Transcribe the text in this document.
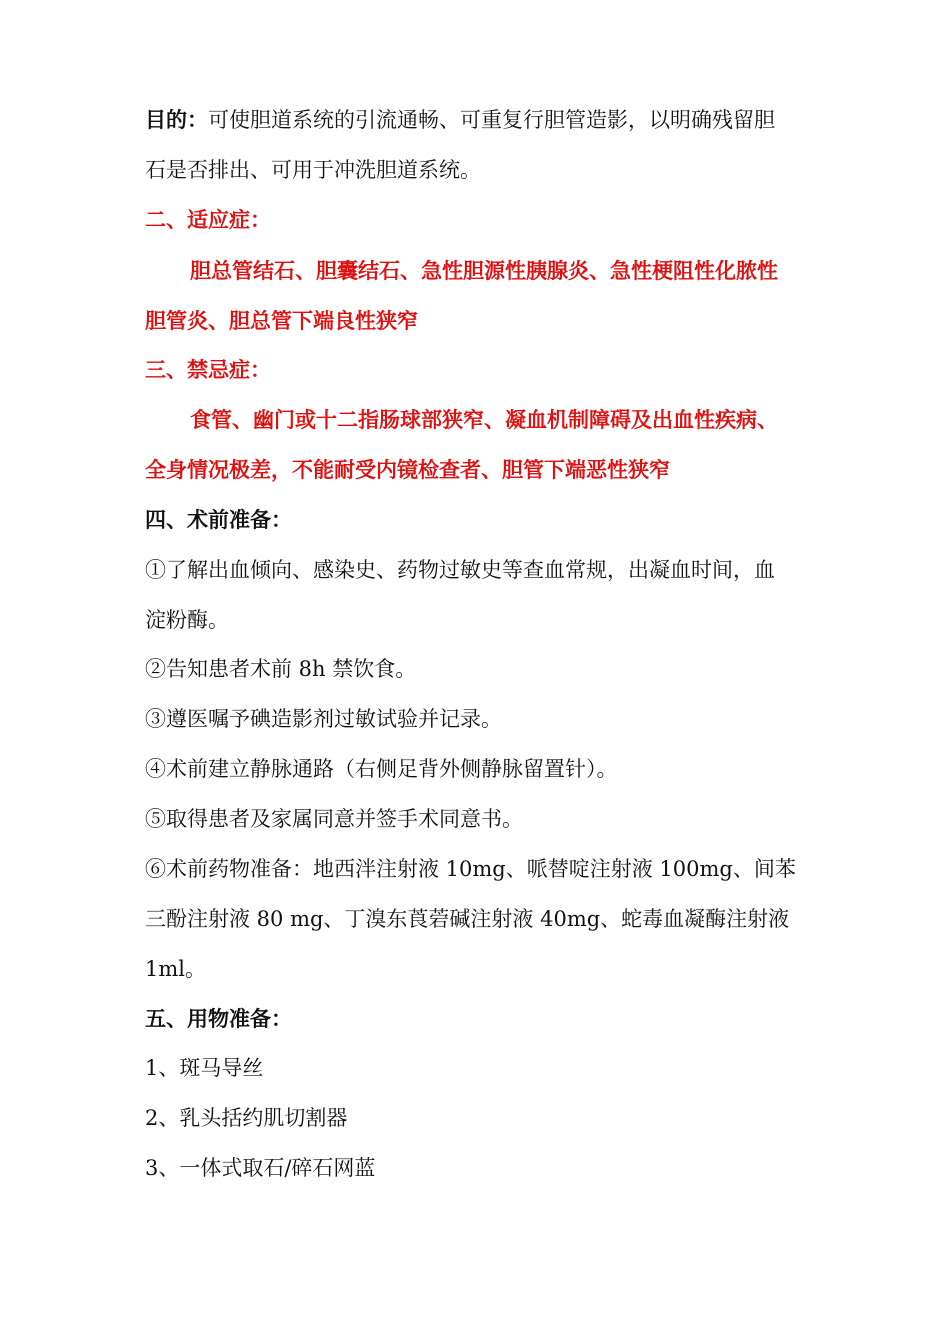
目的：可使胆道系统的引流通畅、可重复行胆管造影，以明确残留胆
石是否排出、可用于冲洗胆道系统。
二、适应症：
胆总管结石、胆囊结石、急性胆源性胰腺炎、急性梗阻性化脓性
胆管炎、胆总管下端良性狭窄
三、禁忌症：
食管、幽门或十二指肠球部狭窄、凝血机制障碍及出血性疾病、
全身情况极差，不能耐受内镜检查者、胆管下端恶性狭窄
四、术前准备：
①了解出血倾向、感染史、药物过敏史等查血常规，出凝血时间，血
淀粉酶。
②告知患者术前 8h 禁饮食。
③遵医嘱予碘造影剂过敏试验并记录。
④术前建立静脉通路（右侧足背外侧静脉留置针）。
⑤取得患者及家属同意并签手术同意书。
⑥术前药物准备：地西泮注射液 10mg、哌替啶注射液 100mg、间苯
三酚注射液 80 mg、丁溴东莨菪碱注射液 40mg、蛇毒血凝酶注射液
1ml。
五、用物准备：
1、斑马导丝
2、乳头括约肌切割器
3、一体式取石/碎石网蓝
